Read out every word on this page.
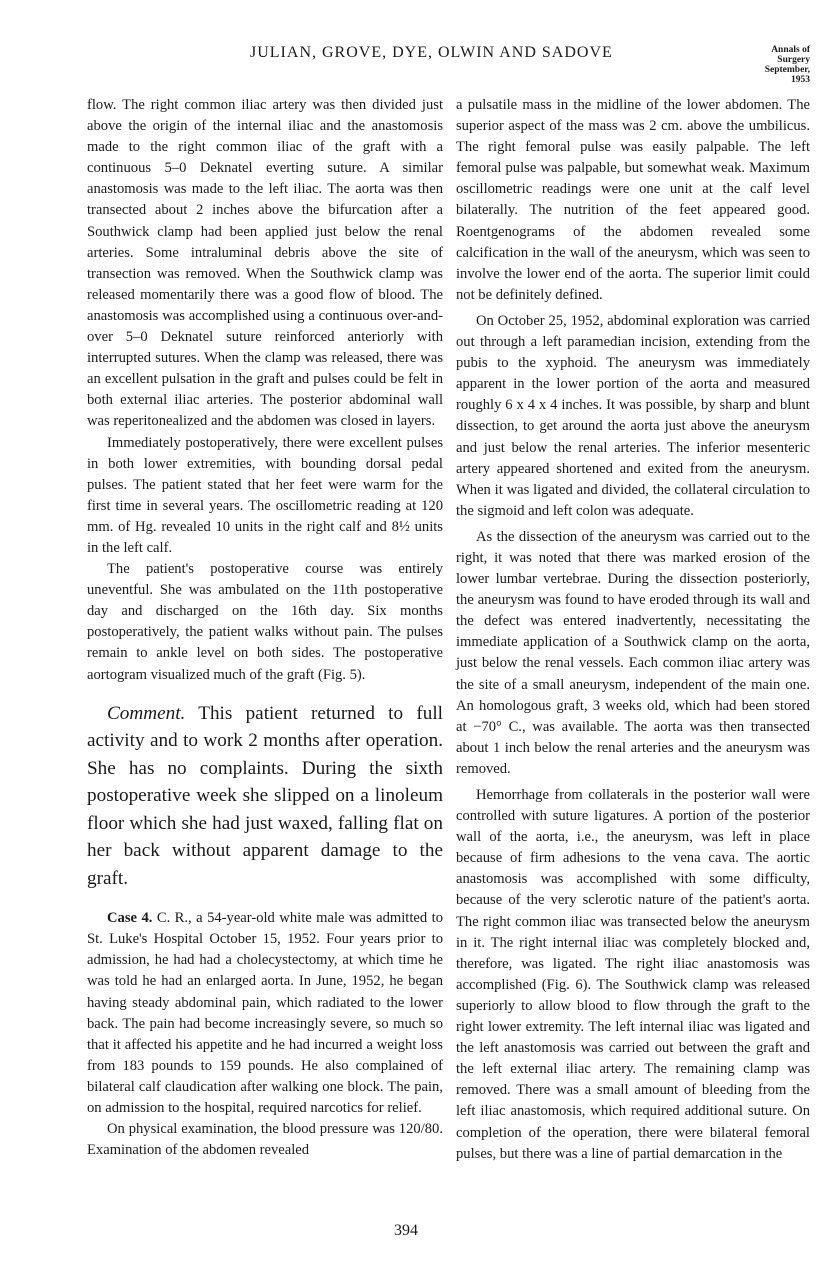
JULIAN, GROVE, DYE, OLWIN AND SADOVE	Annals of Surgery
September, 1953

flow. The right common iliac artery was then divided just above the origin of the internal iliac and the anastomosis made to the right common iliac of the graft with a continuous 5–0 Deknatel everting suture. A similar anastomosis was made to the left iliac. The aorta was then transected about 2 inches above the bifurcation after a Southwick clamp had been applied just below the renal arteries. Some intraluminal debris above the site of transection was removed. When the Southwick clamp was released momentarily there was a good flow of blood. The anastomosis was accomplished using a continuous over-and-over 5–0 Deknatel suture reinforced anteriorly with interrupted sutures. When the clamp was released, there was an excellent pulsation in the graft and pulses could be felt in both external iliac arteries. The posterior abdominal wall was reperitonealized and the abdomen was closed in layers.

Immediately postoperatively, there were excellent pulses in both lower extremities, with bounding dorsal pedal pulses. The patient stated that her feet were warm for the first time in several years. The oscillometric reading at 120 mm. of Hg. revealed 10 units in the right calf and 8½ units in the left calf.

The patient's postoperative course was entirely uneventful. She was ambulated on the 11th postoperative day and discharged on the 16th day. Six months postoperatively, the patient walks without pain. The pulses remain to ankle level on both sides. The postoperative aortogram visualized much of the graft (Fig. 5).

Comment. This patient returned to full activity and to work 2 months after operation. She has no complaints. During the sixth postoperative week she slipped on a linoleum floor which she had just waxed, falling flat on her back without apparent damage to the graft.

Case 4. C. R., a 54-year-old white male was admitted to St. Luke's Hospital October 15, 1952. Four years prior to admission, he had had a cholecystectomy, at which time he was told he had an enlarged aorta. In June, 1952, he began having steady abdominal pain, which radiated to the lower back. The pain had become increasingly severe, so much so that it affected his appetite and he had incurred a weight loss from 183 pounds to 159 pounds. He also complained of bilateral calf claudication after walking one block. The pain, on admission to the hospital, required narcotics for relief.

On physical examination, the blood pressure was 120/80. Examination of the abdomen revealed

a pulsatile mass in the midline of the lower abdomen. The superior aspect of the mass was 2 cm. above the umbilicus. The right femoral pulse was easily palpable. The left femoral pulse was palpable, but somewhat weak. Maximum oscillometric readings were one unit at the calf level bilaterally. The nutrition of the feet appeared good. Roentgenograms of the abdomen revealed some calcification in the wall of the aneurysm, which was seen to involve the lower end of the aorta. The superior limit could not be definitely defined.

On October 25, 1952, abdominal exploration was carried out through a left paramedian incision, extending from the pubis to the xyphoid. The aneurysm was immediately apparent in the lower portion of the aorta and measured roughly 6 x 4 x 4 inches. It was possible, by sharp and blunt dissection, to get around the aorta just above the aneurysm and just below the renal arteries. The inferior mesenteric artery appeared shortened and exited from the aneurysm. When it was ligated and divided, the collateral circulation to the sigmoid and left colon was adequate.

As the dissection of the aneurysm was carried out to the right, it was noted that there was marked erosion of the lower lumbar vertebrae. During the dissection posteriorly, the aneurysm was found to have eroded through its wall and the defect was entered inadvertently, necessitating the immediate application of a Southwick clamp on the aorta, just below the renal vessels. Each common iliac artery was the site of a small aneurysm, independent of the main one. An homologous graft, 3 weeks old, which had been stored at −70° C., was available. The aorta was then transected about 1 inch below the renal arteries and the aneurysm was removed.

Hemorrhage from collaterals in the posterior wall were controlled with suture ligatures. A portion of the posterior wall of the aorta, i.e., the aneurysm, was left in place because of firm adhesions to the vena cava. The aortic anastomosis was accomplished with some difficulty, because of the very sclerotic nature of the patient's aorta. The right common iliac was transected below the aneurysm in it. The right internal iliac was completely blocked and, therefore, was ligated. The right iliac anastomosis was accomplished (Fig. 6). The Southwick clamp was released superiorly to allow blood to flow through the graft to the right lower extremity. The left internal iliac was ligated and the left anastomosis was carried out between the graft and the left external iliac artery. The remaining clamp was removed. There was a small amount of bleeding from the left iliac anastomosis, which required additional suture. On completion of the operation, there were bilateral femoral pulses, but there was a line of partial demarcation in the

394
